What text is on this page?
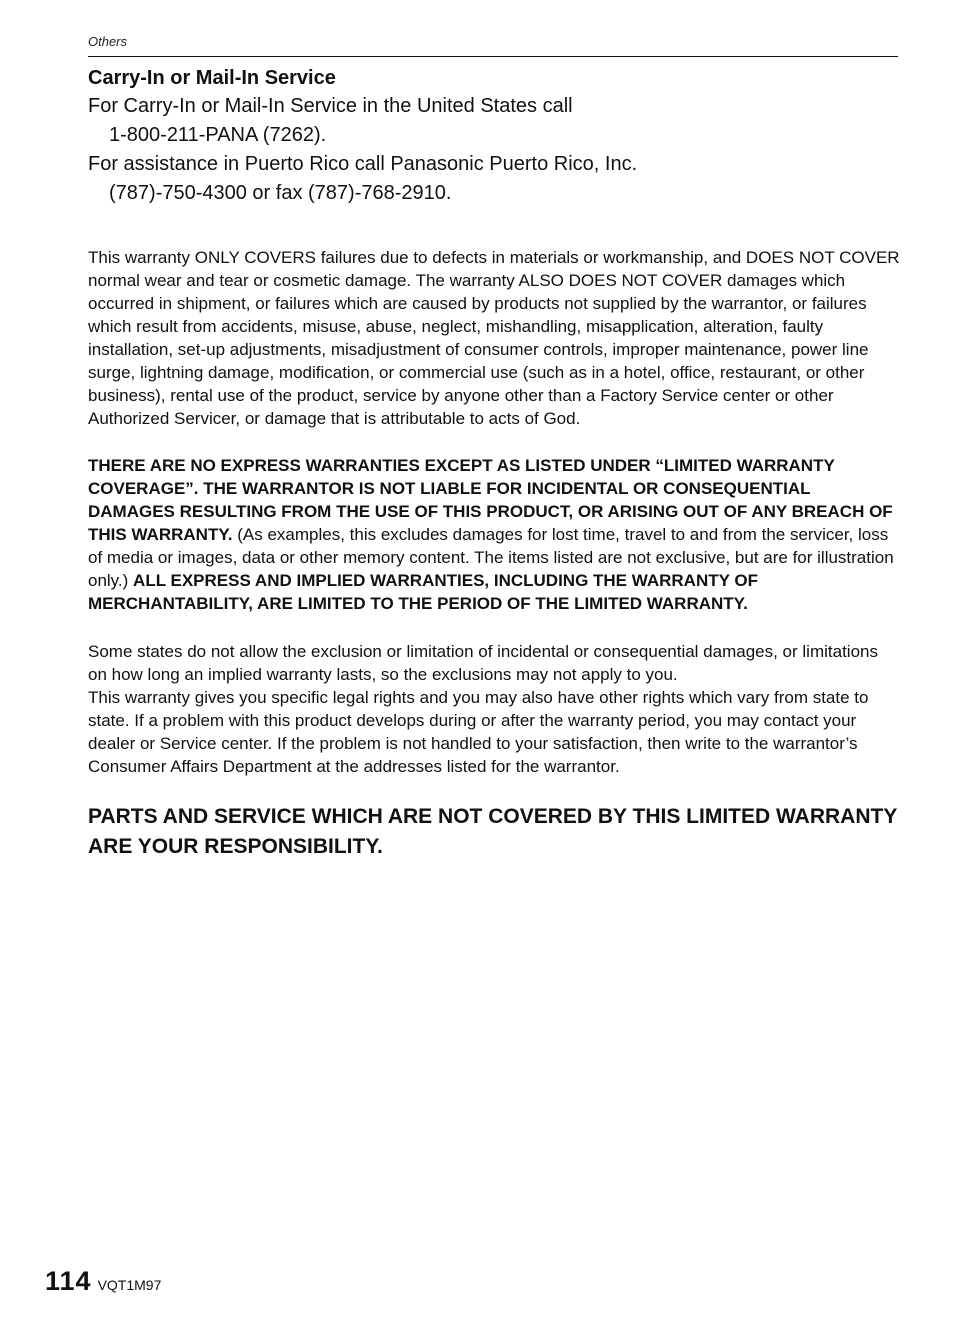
Others

Carry-In or Mail-In Service

For Carry-In or Mail-In Service in the United States call

1-800-211-PANA (7262).

For assistance in Puerto Rico call Panasonic Puerto Rico, Inc.

(787)-750-4300 or fax (787)-768-2910.

This warranty ONLY COVERS failures due to defects in materials or workmanship, and DOES NOT COVER normal wear and tear or cosmetic damage. The warranty ALSO DOES NOT COVER damages which occurred in shipment, or failures which are caused by products not supplied by the warrantor, or failures which result from accidents, misuse, abuse, neglect, mishandling, misapplication, alteration, faulty installation, set-up adjustments, misadjustment of consumer controls, improper maintenance, power line surge, lightning damage, modification, or commercial use (such as in a hotel, office, restaurant, or other business), rental use of the product, service by anyone other than a Factory Service center or other Authorized Servicer, or damage that is attributable to acts of God.

THERE ARE NO EXPRESS WARRANTIES EXCEPT AS LISTED UNDER “LIMITED WARRANTY COVERAGE”. THE WARRANTOR IS NOT LIABLE FOR INCIDENTAL OR CONSEQUENTIAL DAMAGES RESULTING FROM THE USE OF THIS PRODUCT, OR ARISING OUT OF ANY BREACH OF THIS WARRANTY. (As examples, this excludes damages for lost time, travel to and from the servicer, loss of media or images, data or other memory content. The items listed are not exclusive, but are for illustration only.) ALL EXPRESS AND IMPLIED WARRANTIES, INCLUDING THE WARRANTY OF MERCHANTABILITY, ARE LIMITED TO THE PERIOD OF THE LIMITED WARRANTY.

Some states do not allow the exclusion or limitation of incidental or consequential damages, or limitations on how long an implied warranty lasts, so the exclusions may not apply to you.

This warranty gives you specific legal rights and you may also have other rights which vary from state to state. If a problem with this product develops during or after the warranty period, you may contact your dealer or Service center. If the problem is not handled to your satisfaction, then write to the warrantor’s Consumer Affairs Department at the addresses listed for the warrantor.

PARTS AND SERVICE WHICH ARE NOT COVERED BY THIS LIMITED WARRANTY ARE YOUR RESPONSIBILITY.

114 VQT1M97
